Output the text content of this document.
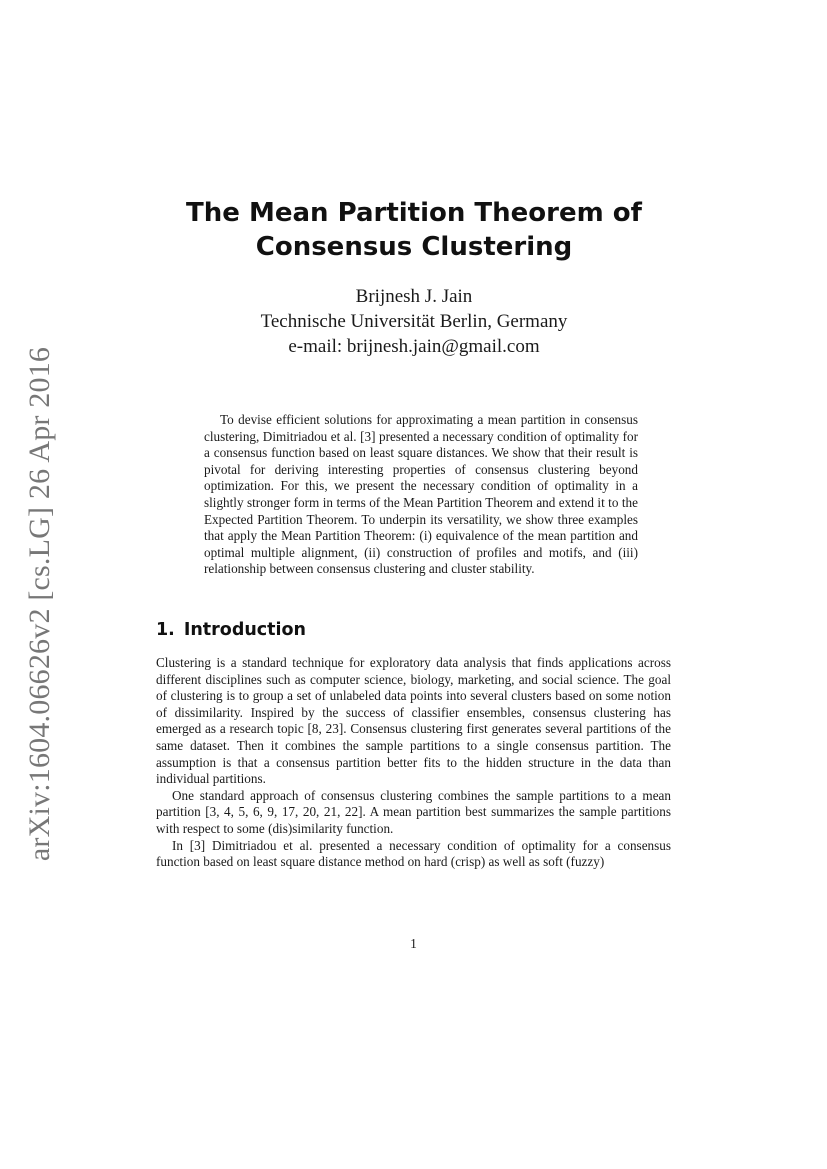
arXiv:1604.06626v2 [cs.LG] 26 Apr 2016
The Mean Partition Theorem of
Consensus Clustering
Brijnesh J. Jain
Technische Universität Berlin, Germany
e-mail: brijnesh.jain@gmail.com

To devise efficient solutions for approximating a mean partition in consensus clustering, Dimitriadou et al. [3] presented a necessary condition of optimality for a consensus function based on least square distances. We show that their result is pivotal for deriving interesting properties of consensus clustering beyond optimization. For this, we present the necessary condition of optimality in a slightly stronger form in terms of the Mean Partition Theorem and extend it to the Expected Partition Theorem. To underpin its versatility, we show three examples that apply the Mean Partition Theorem: (i) equivalence of the mean partition and optimal multiple alignment, (ii) construction of profiles and motifs, and (iii) relationship between consensus clustering and cluster stability.

1. Introduction

Clustering is a standard technique for exploratory data analysis that finds applications across different disciplines such as computer science, biology, marketing, and social science. The goal of clustering is to group a set of unlabeled data points into several clusters based on some notion of dissimilarity. Inspired by the success of classifier ensembles, consensus clustering has emerged as a research topic [8, 23]. Consensus clustering first generates several partitions of the same dataset. Then it combines the sample partitions to a single consensus partition. The assumption is that a consensus partition better fits to the hidden structure in the data than individual partitions.

One standard approach of consensus clustering combines the sample partitions to a mean partition [3, 4, 5, 6, 9, 17, 20, 21, 22]. A mean partition best summarizes the sample partitions with respect to some (dis)similarity function.

In [3] Dimitriadou et al. presented a necessary condition of optimality for a consensus function based on least square distance method on hard (crisp) as well as soft (fuzzy)

1
